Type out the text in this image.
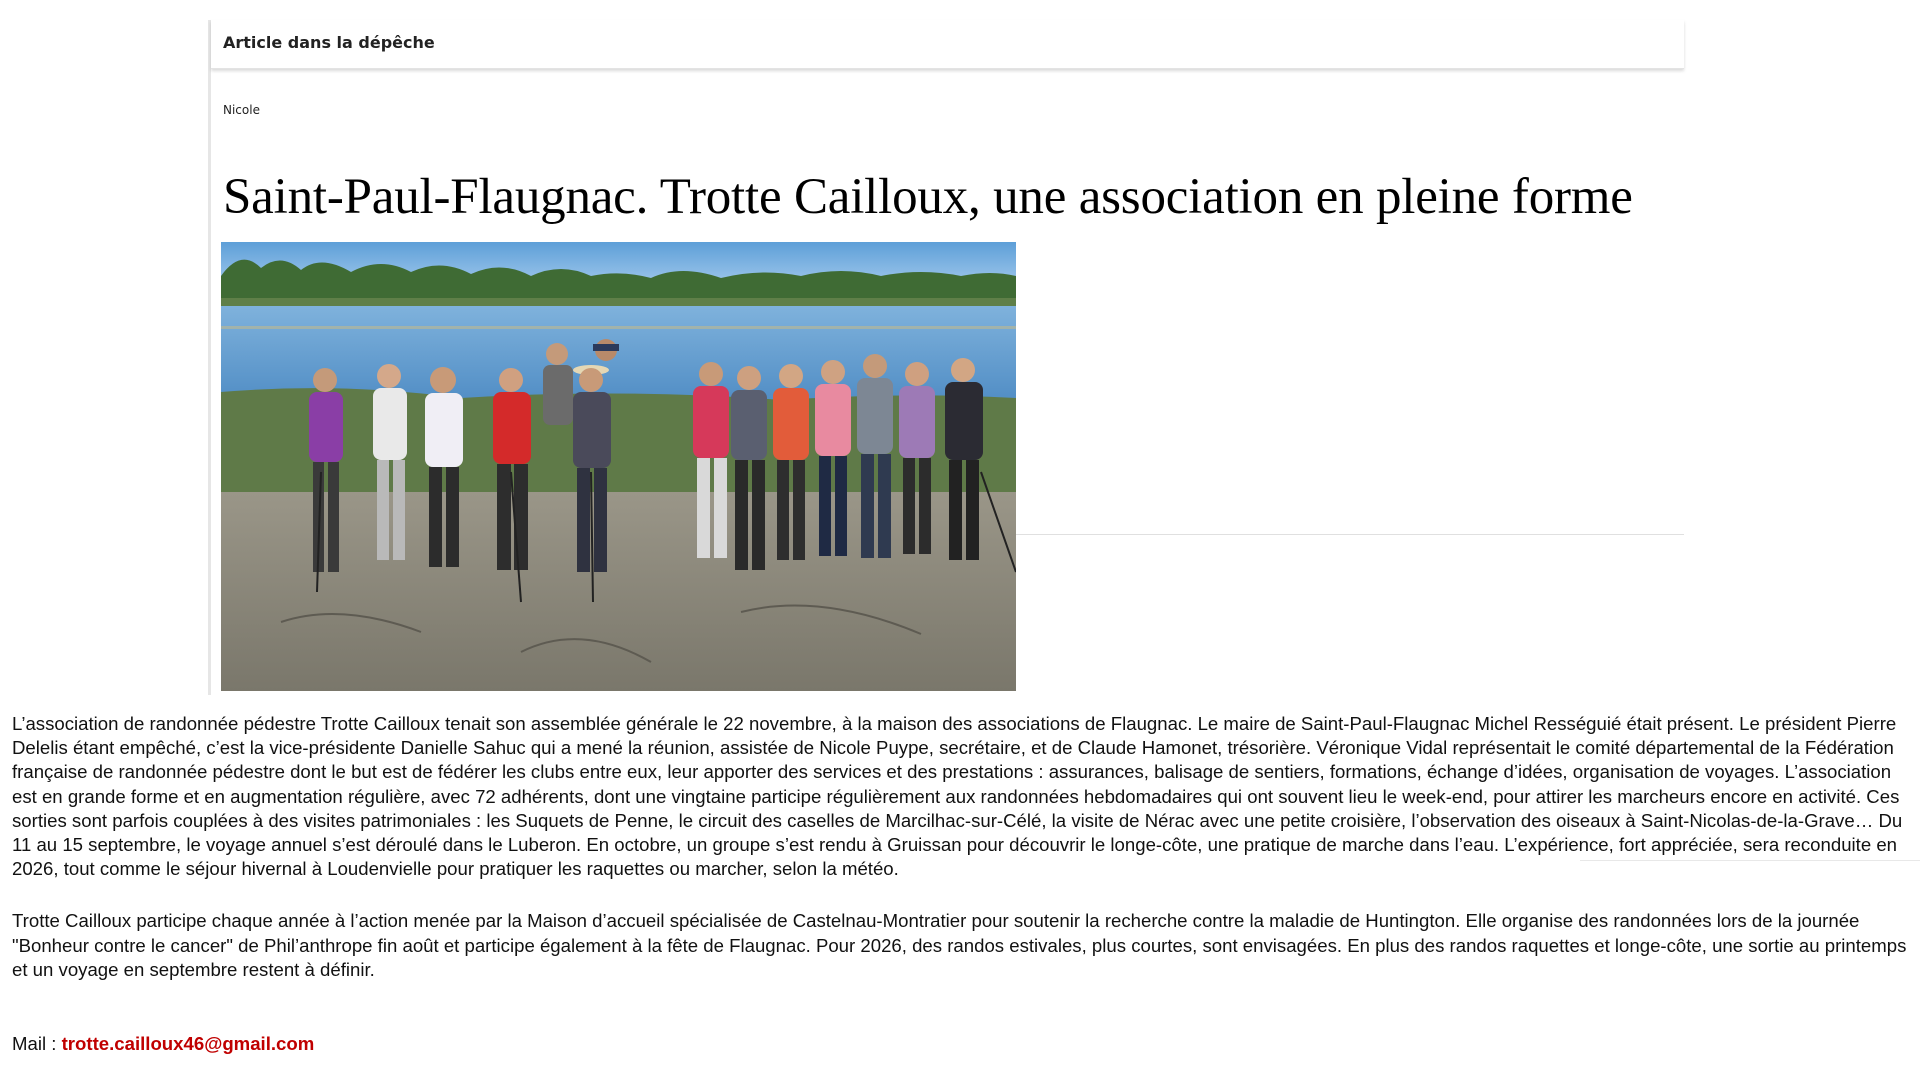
Article dans la dépêche
Nicole
Saint-Paul-Flaugnac. Trotte Cailloux, une association en pleine forme

L’association de randonnée pédestre Trotte Cailloux tenait son assemblée générale le 22 novembre, à la maison des associations de Flaugnac. Le maire de Saint-Paul-Flaugnac Michel Rességuié était présent. Le président Pierre Delelis étant empêché, c’est la vice-présidente Danielle Sahuc qui a mené la réunion, assistée de Nicole Puype, secrétaire, et de Claude Hamonet, trésorière. Véronique Vidal représentait le comité départemental de la Fédération française de randonnée pédestre dont le but est de fédérer les clubs entre eux, leur apporter des services et des prestations : assurances, balisage de sentiers, formations, échange d’idées, organisation de voyages. L’association est en grande forme et en augmentation régulière, avec 72 adhérents, dont une vingtaine participe régulièrement aux randonnées hebdomadaires qui ont souvent lieu le week-end, pour attirer les marcheurs encore en activité. Ces sorties sont parfois couplées à des visites patrimoniales : les Suquets de Penne, le circuit des caselles de Marcilhac-sur-Célé, la visite de Nérac avec une petite croisière, l’observation des oiseaux à Saint-Nicolas-de-la-Grave… Du 11 au 15 septembre, le voyage annuel s’est déroulé dans le Luberon. En octobre, un groupe s’est rendu à Gruissan pour découvrir le longe-côte, une pratique de marche dans l’eau. L’expérience, fort appréciée, sera reconduite en 2026, tout comme le séjour hivernal à Loudenvielle pour pratiquer les raquettes ou marcher, selon la météo.

Trotte Cailloux participe chaque année à l’action menée par la Maison d’accueil spécialisée de Castelnau-Montratier pour soutenir la recherche contre la maladie de Huntington. Elle organise des randonnées lors de la journée "Bonheur contre le cancer" de Phil’anthrope fin août et participe également à la fête de Flaugnac. Pour 2026, des randos estivales, plus courtes, sont envisagées. En plus des randos raquettes et longe-côte, une sortie au printemps et un voyage en septembre restent à définir.

Mail : trotte.cailloux46@gmail.com
